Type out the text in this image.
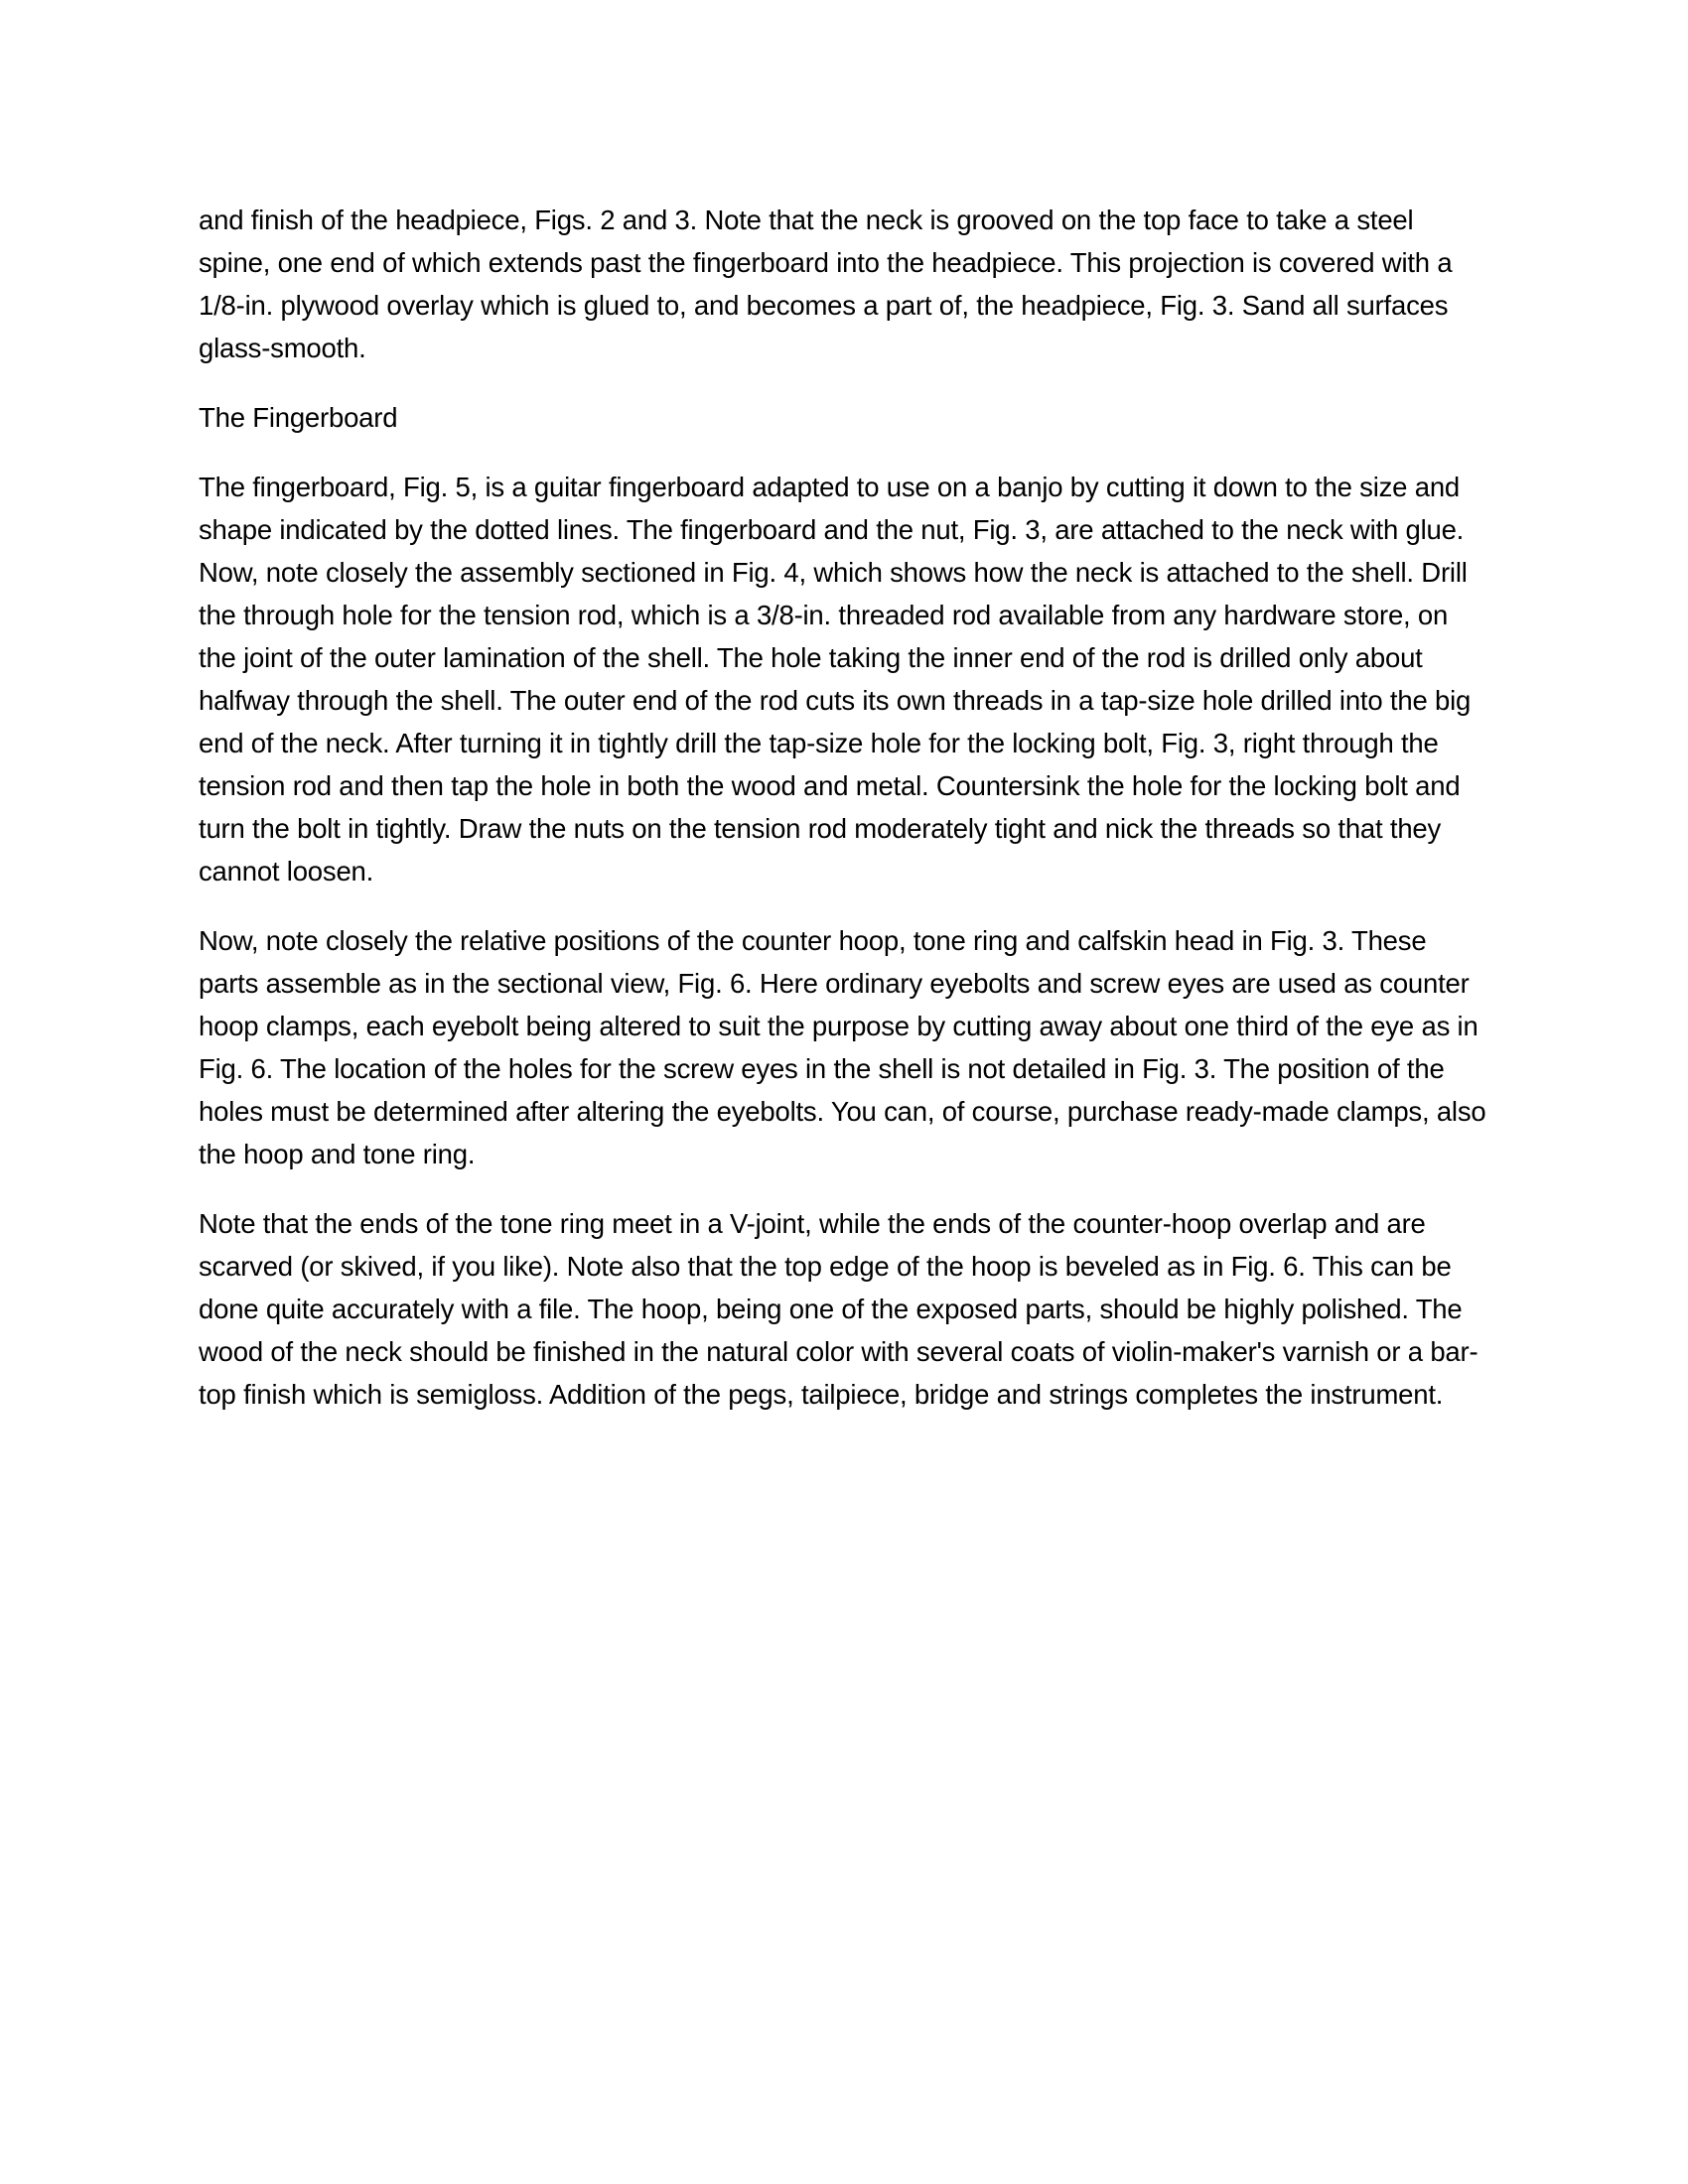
and finish of the headpiece, Figs. 2 and 3. Note that the neck is grooved on the top face to take a steel spine, one end of which extends past the fingerboard into the headpiece. This projection is covered with a 1/8-in. plywood overlay which is glued to, and becomes a part of, the headpiece, Fig. 3. Sand all surfaces glass-smooth.

The Fingerboard

The fingerboard, Fig. 5, is a guitar fingerboard adapted to use on a banjo by cutting it down to the size and shape indicated by the dotted lines. The fingerboard and the nut, Fig. 3, are attached to the neck with glue. Now, note closely the assembly sectioned in Fig. 4, which shows how the neck is attached to the shell. Drill the through hole for the tension rod, which is a 3/8-in. threaded rod available from any hardware store, on the joint of the outer lamination of the shell. The hole taking the inner end of the rod is drilled only about halfway through the shell. The outer end of the rod cuts its own threads in a tap-size hole drilled into the big end of the neck. After turning it in tightly drill the tap-size hole for the locking bolt, Fig. 3, right through the tension rod and then tap the hole in both the wood and metal. Countersink the hole for the locking bolt and turn the bolt in tightly. Draw the nuts on the tension rod moderately tight and nick the threads so that they cannot loosen.

Now, note closely the relative positions of the counter hoop, tone ring and calfskin head in Fig. 3. These parts assemble as in the sectional view, Fig. 6. Here ordinary eyebolts and screw eyes are used as counter hoop clamps, each eyebolt being altered to suit the purpose by cutting away about one third of the eye as in Fig. 6. The location of the holes for the screw eyes in the shell is not detailed in Fig. 3. The position of the holes must be determined after altering the eyebolts. You can, of course, purchase ready-made clamps, also the hoop and tone ring.

Note that the ends of the tone ring meet in a V-joint, while the ends of the counter-hoop overlap and are scarved (or skived, if you like). Note also that the top edge of the hoop is beveled as in Fig. 6. This can be done quite accurately with a file. The hoop, being one of the exposed parts, should be highly polished. The wood of the neck should be finished in the natural color with several coats of violin-maker's varnish or a bar-top finish which is semigloss. Addition of the pegs, tailpiece, bridge and strings completes the instrument.
